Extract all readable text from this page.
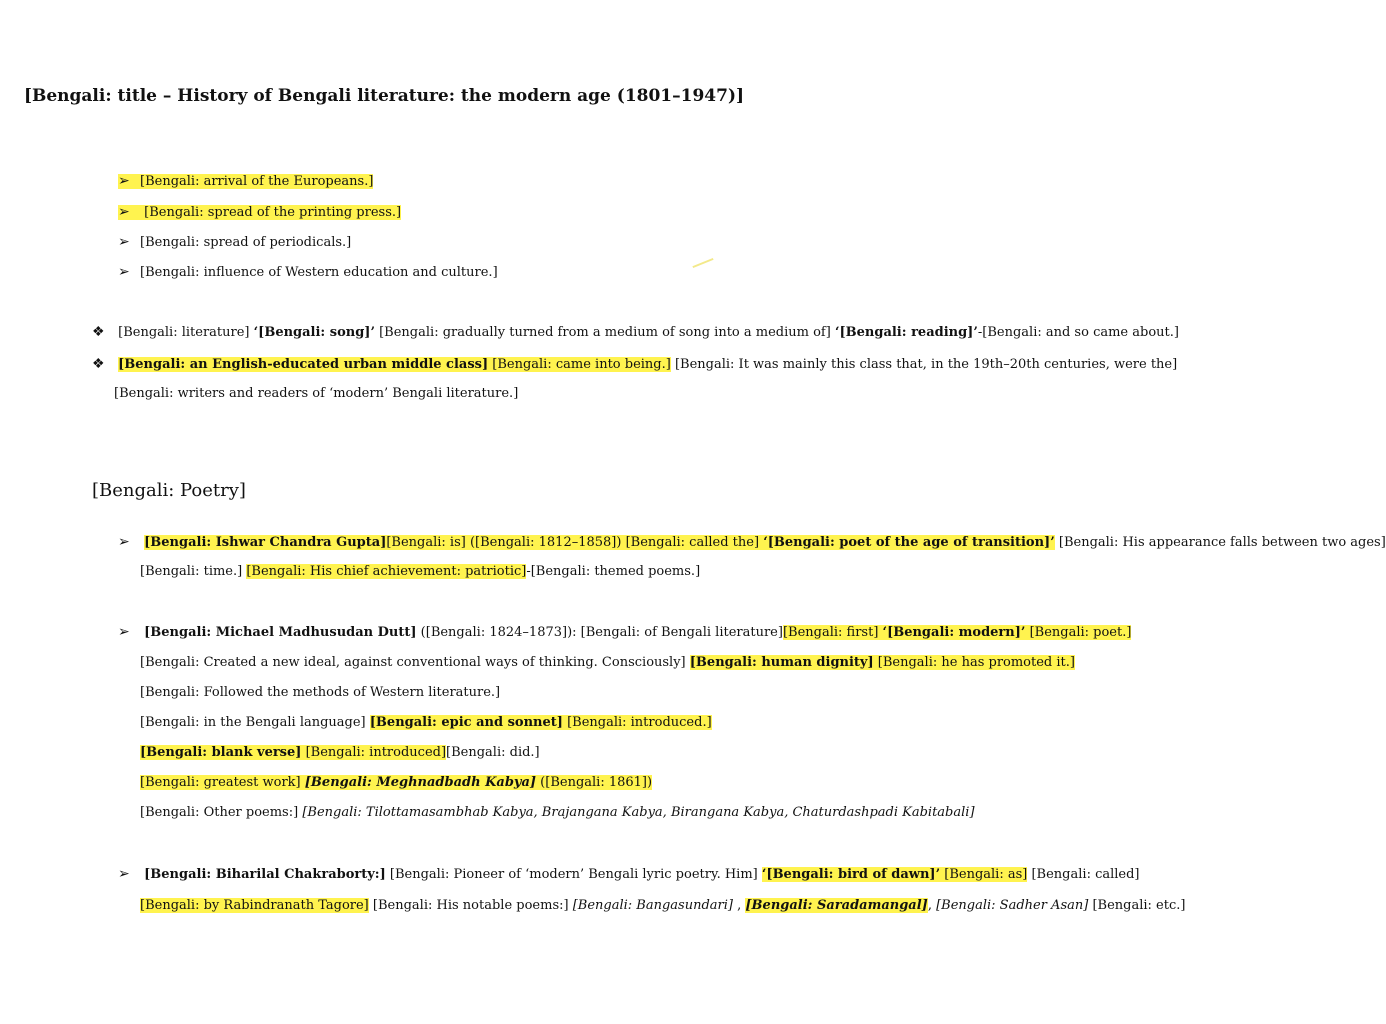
[Bengali: title – History of Bengali literature: the modern age (1801–1947)]
➢ [Bengali: arrival of the Europeans.]
➢ [Bengali: spread of the printing press.]
➢ [Bengali: spread of periodicals.]
➢ [Bengali: influence of Western education and culture.]
❖ [Bengali: literature] ‘[Bengali: song]’ [Bengali: gradually turned from a medium of song into a medium of] ‘[Bengali: reading]’-[Bengali: and so came about.]
❖ [Bengali: an English-educated urban middle class] [Bengali: came into being.] [Bengali: It was mainly this class that, in the 19th–20th centuries, were the]
[Bengali: writers and readers of ‘modern’ Bengali literature.]
[Bengali: Poetry]
➢ [Bengali: Ishwar Chandra Gupta][Bengali: is] ([Bengali: 1812–1858]) [Bengali: called the] ‘[Bengali: poet of the age of transition]’ [Bengali: His appearance falls between two ages]
[Bengali: time.] [Bengali: His chief achievement: patriotic]-[Bengali: themed poems.]
➢ [Bengali: Michael Madhusudan Dutt] ([Bengali: 1824–1873]): [Bengali: of Bengali literature][Bengali: first] ‘[Bengali: modern]’ [Bengali: poet.]
[Bengali: Created a new ideal, against conventional ways of thinking. Consciously] [Bengali: human dignity] [Bengali: he has promoted it.]
[Bengali: Followed the methods of Western literature.]
[Bengali: in the Bengali language] [Bengali: epic and sonnet] [Bengali: introduced.]
[Bengali: blank verse] [Bengali: introduced][Bengali: did.]
[Bengali: greatest work] [Bengali: Meghnadbadh Kabya] ([Bengali: 1861])
[Bengali: Other poems:] [Bengali: Tilottamasambhab Kabya, Brajangana Kabya, Birangana Kabya, Chaturdashpadi Kabitabali]
➢ [Bengali: Biharilal Chakraborty:] [Bengali: Pioneer of ‘modern’ Bengali lyric poetry. Him] ‘[Bengali: bird of dawn]’ [Bengali: as] [Bengali: called]
[Bengali: by Rabindranath Tagore] [Bengali: His notable poems:] [Bengali: Bangasundari] , [Bengali: Saradamangal], [Bengali: Sadher Asan] [Bengali: etc.]
